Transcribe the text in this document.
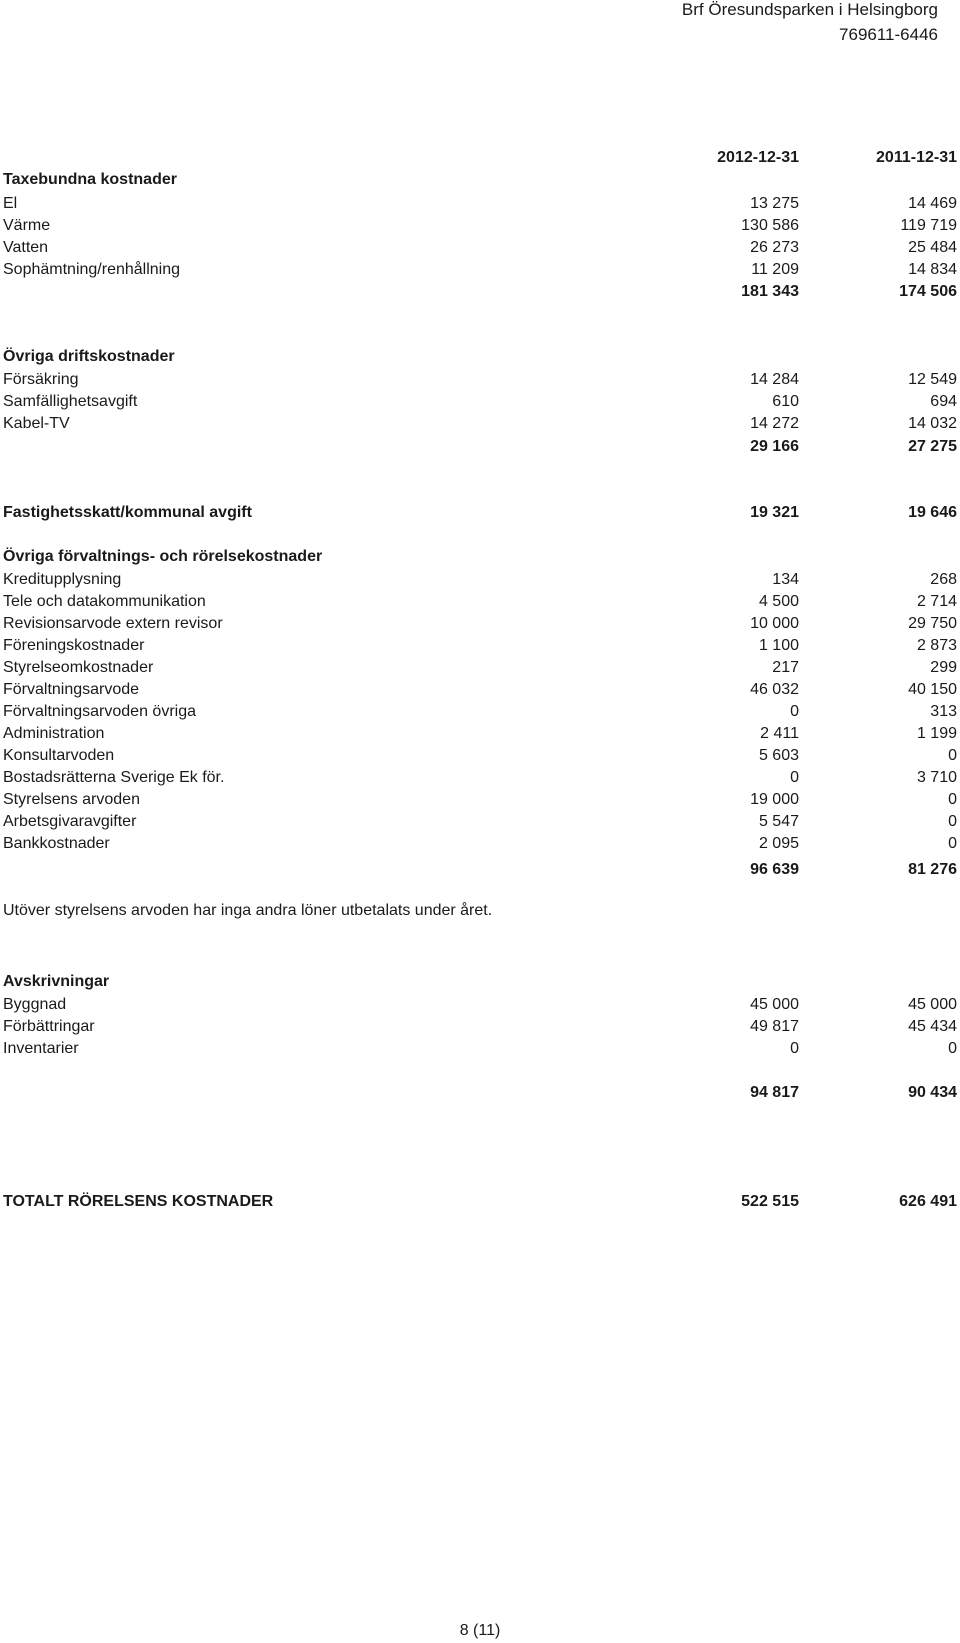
Brf Öresundsparken i Helsingborg
769611-6446
2012-12-31	2011-12-31
Taxebundna kostnader
El	13 275	14 469
Värme	130 586	119 719
Vatten	26 273	25 484
Sophämtning/renhållning	11 209	14 834
181 343	174 506
Övriga driftskostnader
Försäkring	14 284	12 549
Samfällighetsavgift	610	694
Kabel-TV	14 272	14 032
29 166	27 275
Fastighetsskatt/kommunal avgift	19 321	19 646
Övriga förvaltnings- och rörelsekostnader
Kreditupplysning	134	268
Tele och datakommunikation	4 500	2 714
Revisionsarvode extern revisor	10 000	29 750
Föreningskostnader	1 100	2 873
Styrelseomkostnader	217	299
Förvaltningsarvode	46 032	40 150
Förvaltningsarvoden övriga	0	313
Administration	2 411	1 199
Konsultarvoden	5 603	0
Bostadsrätterna Sverige Ek för.	0	3 710
Styrelsens arvoden	19 000	0
Arbetsgivaravgifter	5 547	0
Bankkostnader	2 095	0
96 639	81 276
Utöver styrelsens arvoden har inga andra löner utbetalats under året.
Avskrivningar
Byggnad	45 000	45 000
Förbättringar	49 817	45 434
Inventarier	0	0
94 817	90 434
TOTALT RÖRELSENS KOSTNADER	522 515	626 491
8 (11)
